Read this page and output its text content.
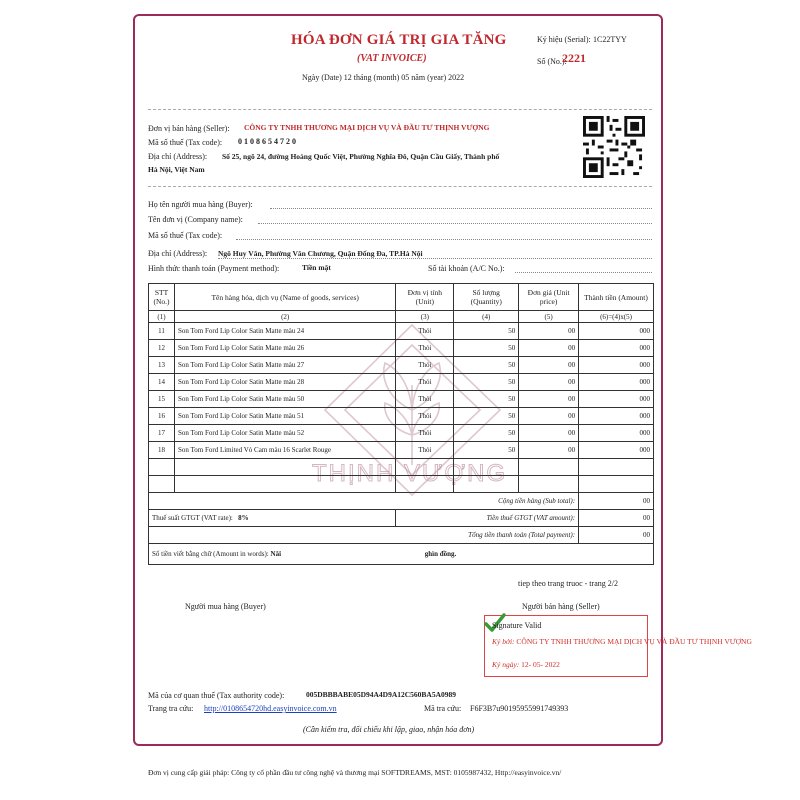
HÓA ĐƠN GIÁ TRỊ GIA TĂNG
(VAT INVOICE)
Ngày (Date) 12 tháng (month) 05 năm (year) 2022
Ký hiệu (Serial): 1C22TYY
Số (No.):
2221
Đơn vị bán hàng (Seller): CÔNG TY TNHH THƯƠNG MẠI DỊCH VỤ VÀ ĐẦU TƯ THỊNH VƯỢNG
Mã số thuế (Tax code): 0 1 0 8 6 5 4 7 2 0
Địa chỉ (Address): Số 25, ngõ 24, đường Hoàng Quốc Việt, Phường Nghĩa Đô, Quận Cầu Giấy, Thành phố
Hà Nội, Việt Nam
Họ tên người mua hàng (Buyer):
Tên đơn vị (Company name):
Mã số thuế (Tax code):
Địa chỉ (Address): Ngõ Huy Văn, Phường Văn Chương, Quận Đống Đa, TP.Hà Nội
Hình thức thanh toán (Payment method):	Tiền mặt	Số tài khoản (A/C No.):
THỊNH VƯỢNG
STT (No.)	Tên hàng hóa, dịch vụ (Name of goods, services)	Đơn vị tính (Unit)	Số lượng (Quantity)	Đơn giá (Unit price)	Thành tiền (Amount)
(1)	(2)	(3)	(4)	(5)	(6)=(4)x(5)
11	Son Tom Ford Lip Color Satin Matte màu 24	Thỏi	50	00	000
12	Son Tom Ford Lip Color Satin Matte màu 26	Thỏi	50	00	000
13	Son Tom Ford Lip Color Satin Matte màu 27	Thỏi	50	00	000
14	Son Tom Ford Lip Color Satin Matte màu 28	Thỏi	50	00	000
15	Son Tom Ford Lip Color Satin Matte màu 50	Thỏi	50	00	000
16	Son Tom Ford Lip Color Satin Matte màu 51	Thỏi	50	00	000
17	Son Tom Ford Lip Color Satin Matte màu 52	Thỏi	50	00	000
18	Son Tom Ford Limited Vỏ Cam màu 16 Scarlet Rouge	Thỏi	50	00	000

Cộng tiền hàng (Sub total):					00
Thuế suất GTGT (VAT rate): 8%		Tiền thuế GTGT (VAT amount):			00
Tổng tiền thanh toán (Total payment):					00
Số tiền viết bằng chữ (Amount in words): Năi ghìn đồng.					
tiep theo trang truoc - trang 2/2
Người mua hàng (Buyer)	Người bán hàng (Seller)
Signature Valid
Ký bởi: CÔNG TY TNHH THƯƠNG MẠI DỊCH VỤ VÀ ĐẦU TƯ THỊNH VƯỢNG
Ký ngày: 12- 05- 2022
Mã của cơ quan thuế (Tax authority code):	005DBBBABE05D94A4D9A12C560BA5A0989
Trang tra cứu: http://0108654720hd.easyinvoice.com.vn	Mã tra cứu: F6F3B7u90195955991749393
(Cần kiểm tra, đối chiếu khi lập, giao, nhận hóa đơn)
Đơn vị cung cấp giải pháp: Công ty cổ phần đầu tư công nghệ và thương mại SOFTDREAMS, MST: 0105987432, Http://easyinvoice.vn/
